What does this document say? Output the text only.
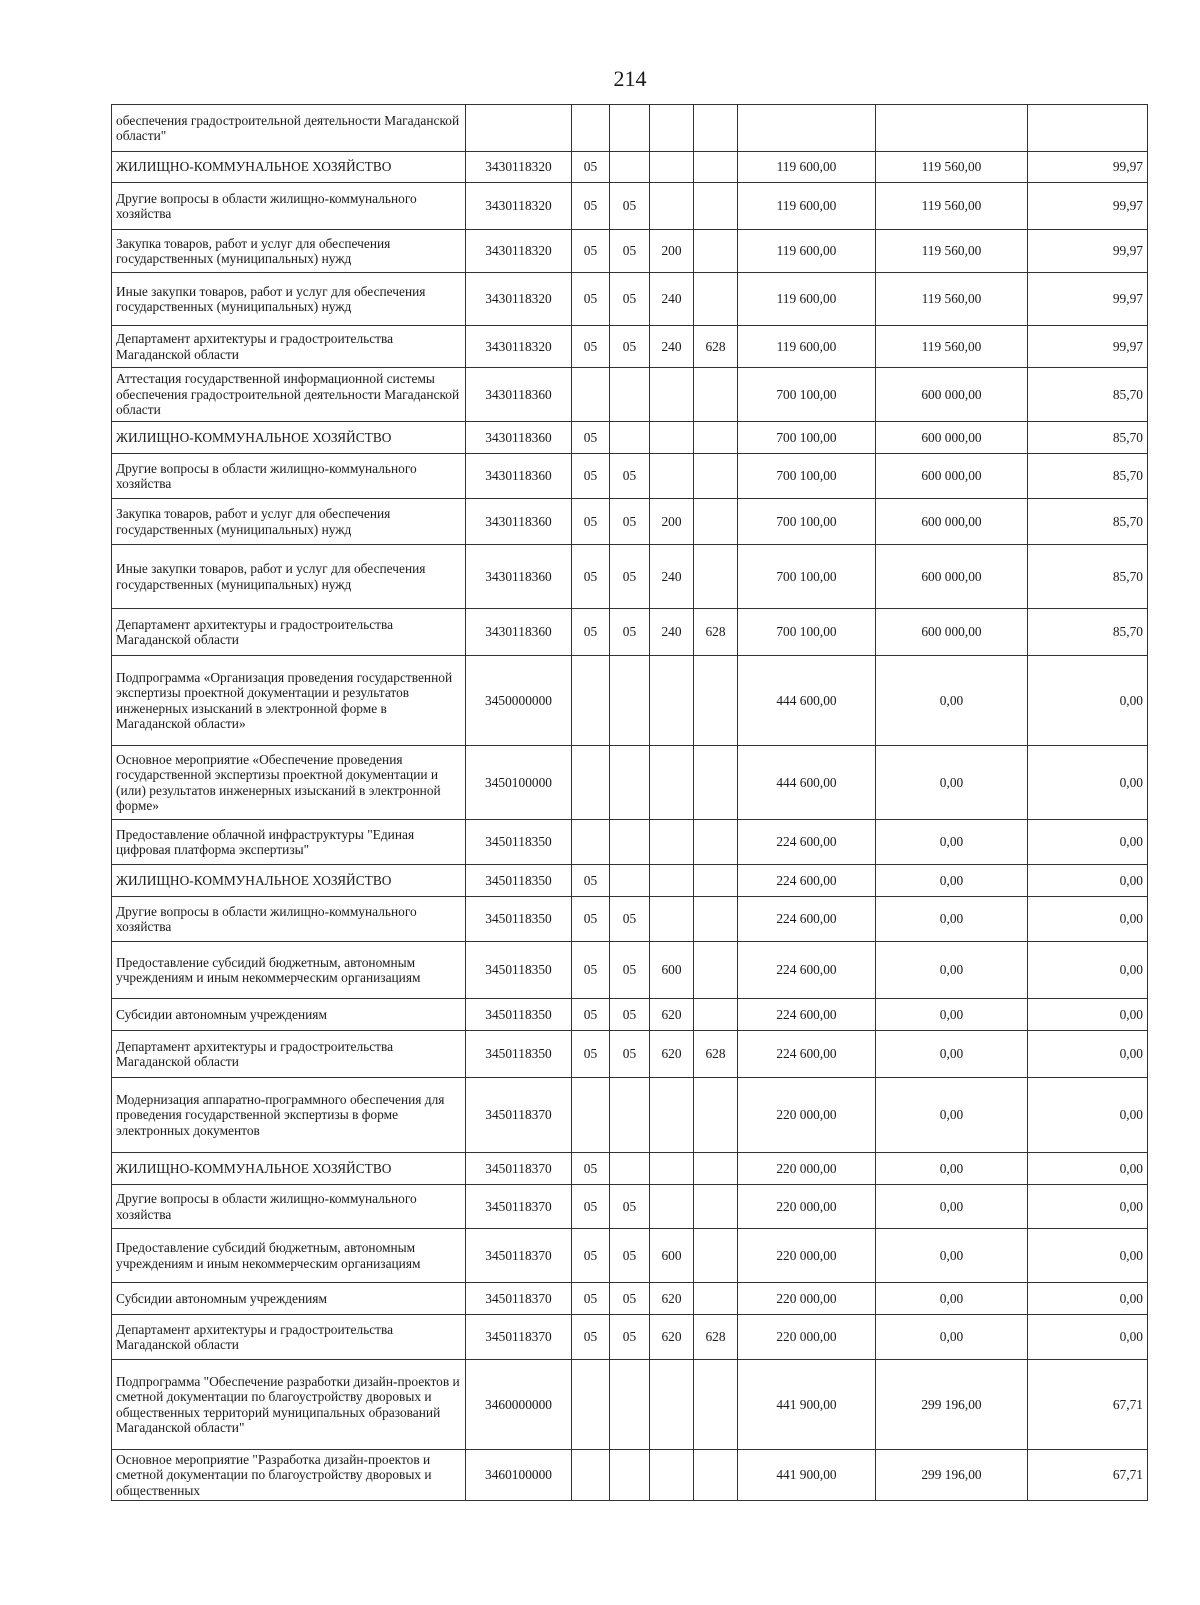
214
обеспечения градостроительной деятельности Магаданской области"								
ЖИЛИЩНО-КОММУНАЛЬНОЕ ХОЗЯЙСТВО	3430118320	05				119 600,00	119 560,00	99,97
Другие вопросы в области жилищно-коммунального хозяйства	3430118320	05	05			119 600,00	119 560,00	99,97
Закупка товаров, работ и услуг для обеспечения государственных (муниципальных) нужд	3430118320	05	05	200		119 600,00	119 560,00	99,97
Иные закупки товаров, работ и услуг для обеспечения государственных (муниципальных) нужд	3430118320	05	05	240		119 600,00	119 560,00	99,97
Департамент архитектуры и градостроительства Магаданской области	3430118320	05	05	240	628	119 600,00	119 560,00	99,97
Аттестация государственной информационной системы обеспечения градостроительной деятельности Магаданской области	3430118360					700 100,00	600 000,00	85,70
ЖИЛИЩНО-КОММУНАЛЬНОЕ ХОЗЯЙСТВО	3430118360	05				700 100,00	600 000,00	85,70
Другие вопросы в области жилищно-коммунального хозяйства	3430118360	05	05			700 100,00	600 000,00	85,70
Закупка товаров, работ и услуг для обеспечения государственных (муниципальных) нужд	3430118360	05	05	200		700 100,00	600 000,00	85,70
Иные закупки товаров, работ и услуг для обеспечения государственных (муниципальных) нужд	3430118360	05	05	240		700 100,00	600 000,00	85,70
Департамент архитектуры и градостроительства Магаданской области	3430118360	05	05	240	628	700 100,00	600 000,00	85,70
Подпрограмма «Организация проведения государственной экспертизы проектной документации и результатов инженерных изысканий в электронной форме в Магаданской области»	3450000000					444 600,00	0,00	0,00
Основное мероприятие «Обеспечение проведения государственной экспертизы проектной документации и (или) результатов инженерных изысканий в электронной форме»	3450100000					444 600,00	0,00	0,00
Предоставление облачной инфраструктуры "Единая цифровая платформа экспертизы"	3450118350					224 600,00	0,00	0,00
ЖИЛИЩНО-КОММУНАЛЬНОЕ ХОЗЯЙСТВО	3450118350	05				224 600,00	0,00	0,00
Другие вопросы в области жилищно-коммунального хозяйства	3450118350	05	05			224 600,00	0,00	0,00
Предоставление субсидий бюджетным, автономным учреждениям и иным некоммерческим организациям	3450118350	05	05	600		224 600,00	0,00	0,00
Субсидии автономным учреждениям	3450118350	05	05	620		224 600,00	0,00	0,00
Департамент архитектуры и градостроительства Магаданской области	3450118350	05	05	620	628	224 600,00	0,00	0,00
Модернизация аппаратно-программного обеспечения для проведения государственной экспертизы в форме электронных документов	3450118370					220 000,00	0,00	0,00
ЖИЛИЩНО-КОММУНАЛЬНОЕ ХОЗЯЙСТВО	3450118370	05				220 000,00	0,00	0,00
Другие вопросы в области жилищно-коммунального хозяйства	3450118370	05	05			220 000,00	0,00	0,00
Предоставление субсидий бюджетным, автономным учреждениям и иным некоммерческим организациям	3450118370	05	05	600		220 000,00	0,00	0,00
Субсидии автономным учреждениям	3450118370	05	05	620		220 000,00	0,00	0,00
Департамент архитектуры и градостроительства Магаданской области	3450118370	05	05	620	628	220 000,00	0,00	0,00
Подпрограмма "Обеспечение разработки дизайн-проектов и сметной документации по благоустройству дворовых и общественных территорий муниципальных образований Магаданской области"	3460000000					441 900,00	299 196,00	67,71
Основное мероприятие "Разработка дизайн-проектов и сметной документации по благоустройству дворовых и общественных	3460100000					441 900,00	299 196,00	67,71
